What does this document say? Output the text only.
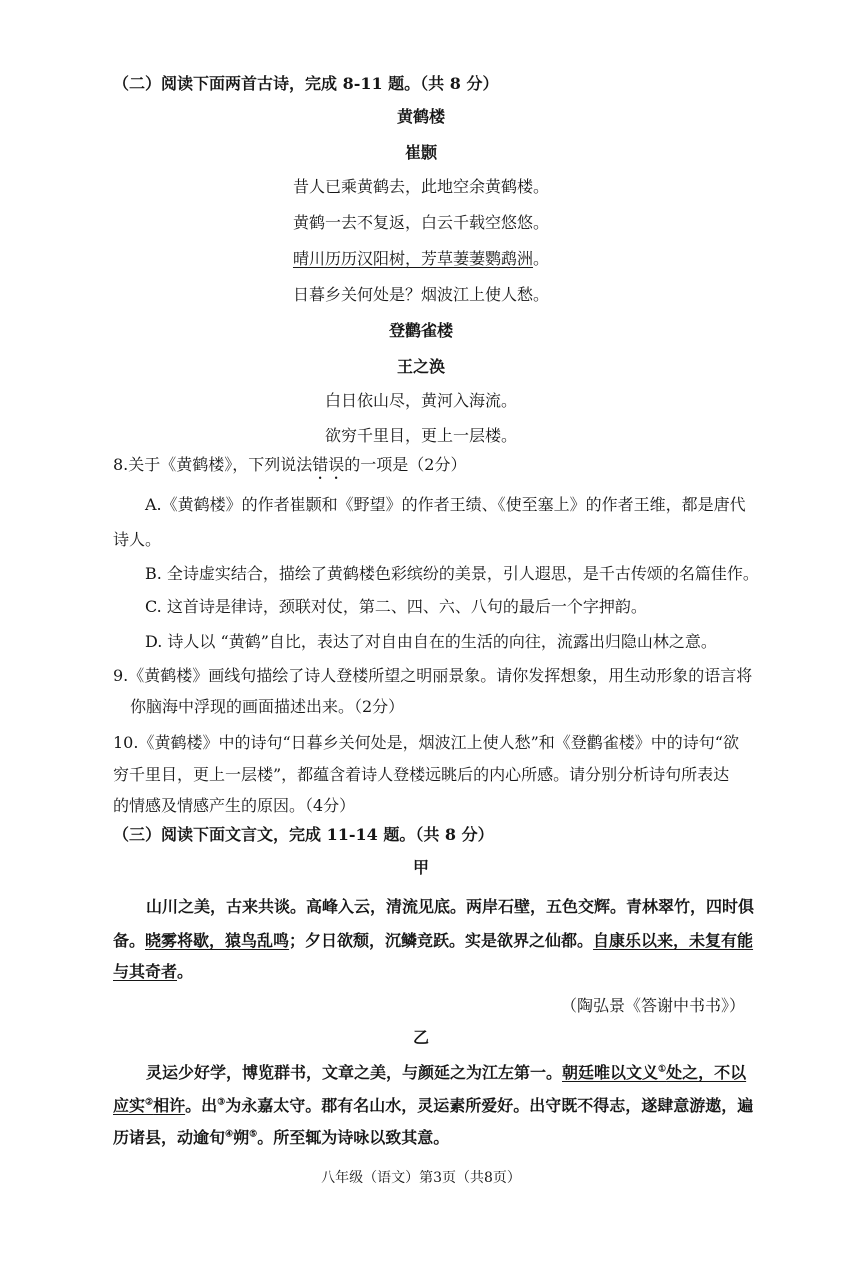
（二）阅读下面两首古诗，完成 8-11 题。（共 8 分）
黄鹤楼
崔颢
昔人已乘黄鹤去，此地空余黄鹤楼。
黄鹤一去不复返，白云千载空悠悠。
晴川历历汉阳树，芳草萋萋鹦鹉洲。
日暮乡关何处是？烟波江上使人愁。
登鹳雀楼
王之涣
白日依山尽，黄河入海流。
欲穷千里目，更上一层楼。
8.关于《黄鹤楼》，下列说法错误的一项是（2分）
A.《黄鹤楼》的作者崔颢和《野望》的作者王绩、《使至塞上》的作者王维，都是唐代
诗人。
B. 全诗虚实结合，描绘了黄鹤楼色彩缤纷的美景，引人遐思，是千古传颂的名篇佳作。
C. 这首诗是律诗，颈联对仗，第二、四、六、八句的最后一个字押韵。
D. 诗人以 “黄鹤”自比，表达了对自由自在的生活的向往，流露出归隐山林之意。
9.《黄鹤楼》画线句描绘了诗人登楼所望之明丽景象。请你发挥想象，用生动形象的语言将
你脑海中浮现的画面描述出来。（2分）
10.《黄鹤楼》中的诗句“日暮乡关何处是，烟波江上使人愁”和《登鹳雀楼》中的诗句“欲
穷千里目，更上一层楼”，都蕴含着诗人登楼远眺后的内心所感。请分别分析诗句所表达
的情感及情感产生的原因。（4分）
（三）阅读下面文言文，完成 11-14 题。（共 8 分）
甲
山川之美，古来共谈。高峰入云，清流见底。两岸石壁，五色交辉。青林翠竹，四时俱
备。晓雾将歇，猿鸟乱鸣；夕日欲颓，沉鳞竞跃。实是欲界之仙都。自康乐以来，未复有能
与其奇者。
（陶弘景《答谢中书书》）
乙
灵运少好学，博览群书，文章之美，与颜延之为江左第一。朝廷唯以文义①处之，不以
应实②相许。出③为永嘉太守。郡有名山水，灵运素所爱好。出守既不得志，遂肆意游遨，遍
历诸县，动逾旬④朔⑤。所至辄为诗咏以致其意。
八年级（语文）第3页（共8页）
